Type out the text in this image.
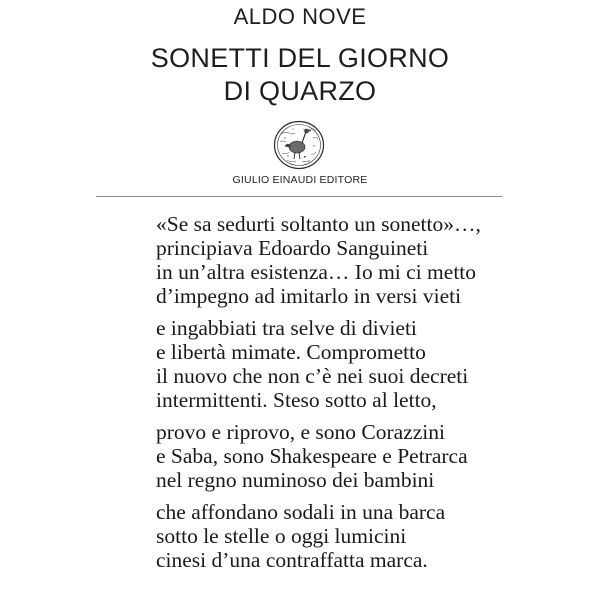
ALDO NOVE
SONETTI DEL GIORNO
DI QUARZO
GIULIO EINAUDI EDITORE
«Se sa sedurti soltanto un sonetto»…,
principiava Edoardo Sanguineti
in un’altra esistenza… Io mi ci metto
d’impegno ad imitarlo in versi vieti
e ingabbiati tra selve di divieti
e libertà mimate. Comprometto
il nuovo che non c’è nei suoi decreti
intermittenti. Steso sotto al letto,
provo e riprovo, e sono Corazzini
e Saba, sono Shakespeare e Petrarca
nel regno numinoso dei bambini
che affondano sodali in una barca
sotto le stelle o oggi lumicini
cinesi d’una contraffatta marca.
